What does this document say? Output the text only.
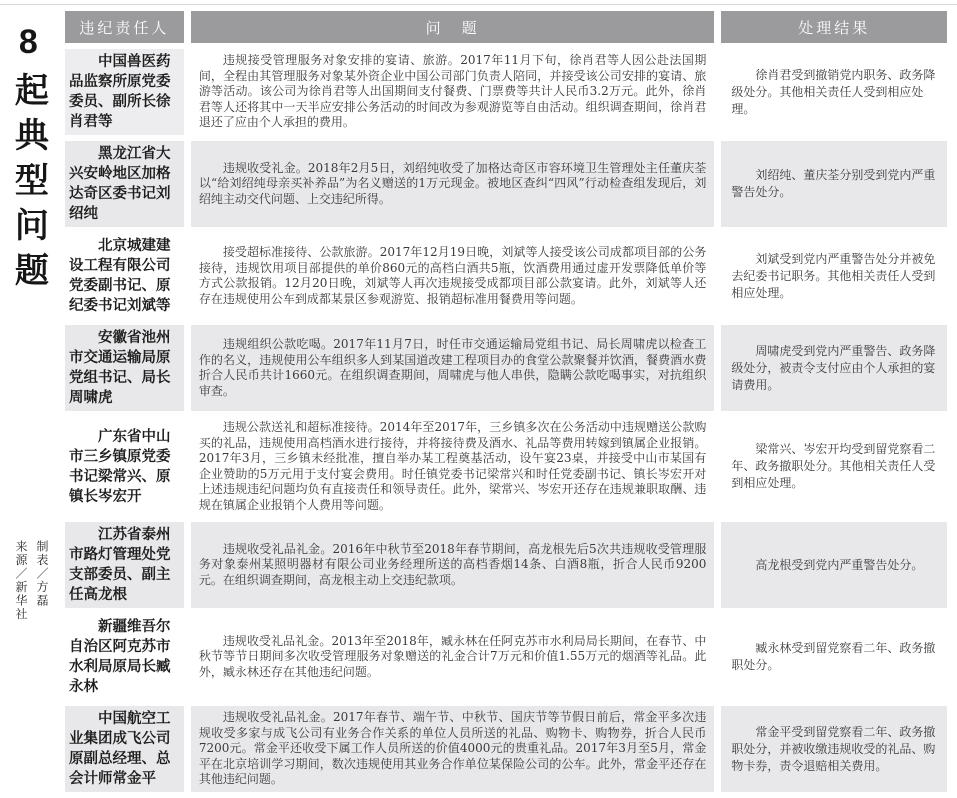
8起典型问题
制表／方磊
来源／新华社
违纪责任人	问　题	处理结果

中国兽医药品监察所原党委委员、副所长徐肖君等	违规接受管理服务对象安排的宴请、旅游。2017年11月下旬，徐肖君等人因公赴法国期间，全程由其管理服务对象某外资企业中国公司部门负责人陪同，并接受该公司安排的宴请、旅游等活动。该公司为徐肖君等人出国期间支付餐费、门票费等共计人民币3.2万元。此外，徐肖君等人还将其中一天半应安排公务活动的时间改为参观游览等自由活动。组织调查期间，徐肖君退还了应由个人承担的费用。	徐肖君受到撤销党内职务、政务降级处分。其他相关责任人受到相应处理。

黑龙江省大兴安岭地区加格达奇区委书记刘绍纯	违规收受礼金。2018年2月5日，刘绍纯收受了加格达奇区市容环境卫生管理处主任董庆荃以“给刘绍纯母亲买补养品”为名义赠送的1万元现金。被地区查纠“四风”行动检查组发现后，刘绍纯主动交代问题、上交违纪所得。	刘绍纯、董庆荃分别受到党内严重警告处分。

北京城建建设工程有限公司党委副书记、原纪委书记刘斌等	接受超标准接待、公款旅游。2017年12月19日晚，刘斌等人接受该公司成都项目部的公务接待，违规饮用项目部提供的单价860元的高档白酒共5瓶，饮酒费用通过虚开发票降低单价等方式公款报销。12月20日晚，刘斌等人再次违规接受成都项目部公款宴请。此外，刘斌等人还存在违规使用公车到成都某景区参观游览、报销超标准用餐费用等问题。	刘斌受到党内严重警告处分并被免去纪委书记职务。其他相关责任人受到相应处理。

安徽省池州市交通运输局原党组书记、局长周啸虎	违规组织公款吃喝。2017年11月7日，时任市交通运输局党组书记、局长周啸虎以检查工作的名义，违规使用公车组织多人到某国道改建工程项目办的食堂公款聚餐并饮酒，餐费酒水费折合人民币共计1660元。在组织调查期间，周啸虎与他人串供，隐瞒公款吃喝事实，对抗组织审查。	周啸虎受到党内严重警告、政务降级处分，被责令支付应由个人承担的宴请费用。

广东省中山市三乡镇原党委书记梁常兴、原镇长岑宏开	违规公款送礼和超标准接待。2014年至2017年，三乡镇多次在公务活动中违规赠送公款购买的礼品，违规使用高档酒水进行接待，并将接待费及酒水、礼品等费用转嫁到镇属企业报销。2017年3月，三乡镇未经批准，擅自举办某工程奠基活动，设午宴23桌，并接受中山市某国有企业赞助的5万元用于支付宴会费用。时任镇党委书记梁常兴和时任党委副书记、镇长岑宏开对上述违规违纪问题均负有直接责任和领导责任。此外，梁常兴、岑宏开还存在违规兼职取酬、违规在镇属企业报销个人费用等问题。	梁常兴、岑宏开均受到留党察看二年、政务撤职处分。其他相关责任人受到相应处理。

江苏省泰州市路灯管理处党支部委员、副主任高龙根	违规收受礼品礼金。2016年中秋节至2018年春节期间，高龙根先后5次共违规收受管理服务对象泰州某照明器材有限公司业务经理所送的高档香烟14条、白酒8瓶，折合人民币9200元。在组织调查期间，高龙根主动上交违纪款项。	高龙根受到党内严重警告处分。

新疆维吾尔自治区阿克苏市水利局原局长臧永林	违规收受礼品礼金。2013年至2018年，臧永林在任阿克苏市水利局局长期间，在春节、中秋节等节日期间多次收受管理服务对象赠送的礼金合计7万元和价值1.55万元的烟酒等礼品。此外，臧永林还存在其他违纪问题。	臧永林受到留党察看二年、政务撤职处分。

中国航空工业集团成飞公司原副总经理、总会计师常金平	违规收受礼品礼金。2017年春节、端午节、中秋节、国庆节等节假日前后，常金平多次违规收受多家与成飞公司有业务合作关系的单位人员所送的礼品、购物卡、购物券，折合人民币7200元。常金平还收受下属工作人员所送的价值4000元的贵重礼品。2017年3月至5月，常金平在北京培训学习期间，数次违规使用其业务合作单位某保险公司的公车。此外，常金平还存在其他违纪问题。	常金平受到留党察看二年、政务撤职处分，并被收缴违规收受的礼品、购物卡券，责令退赔相关费用。
